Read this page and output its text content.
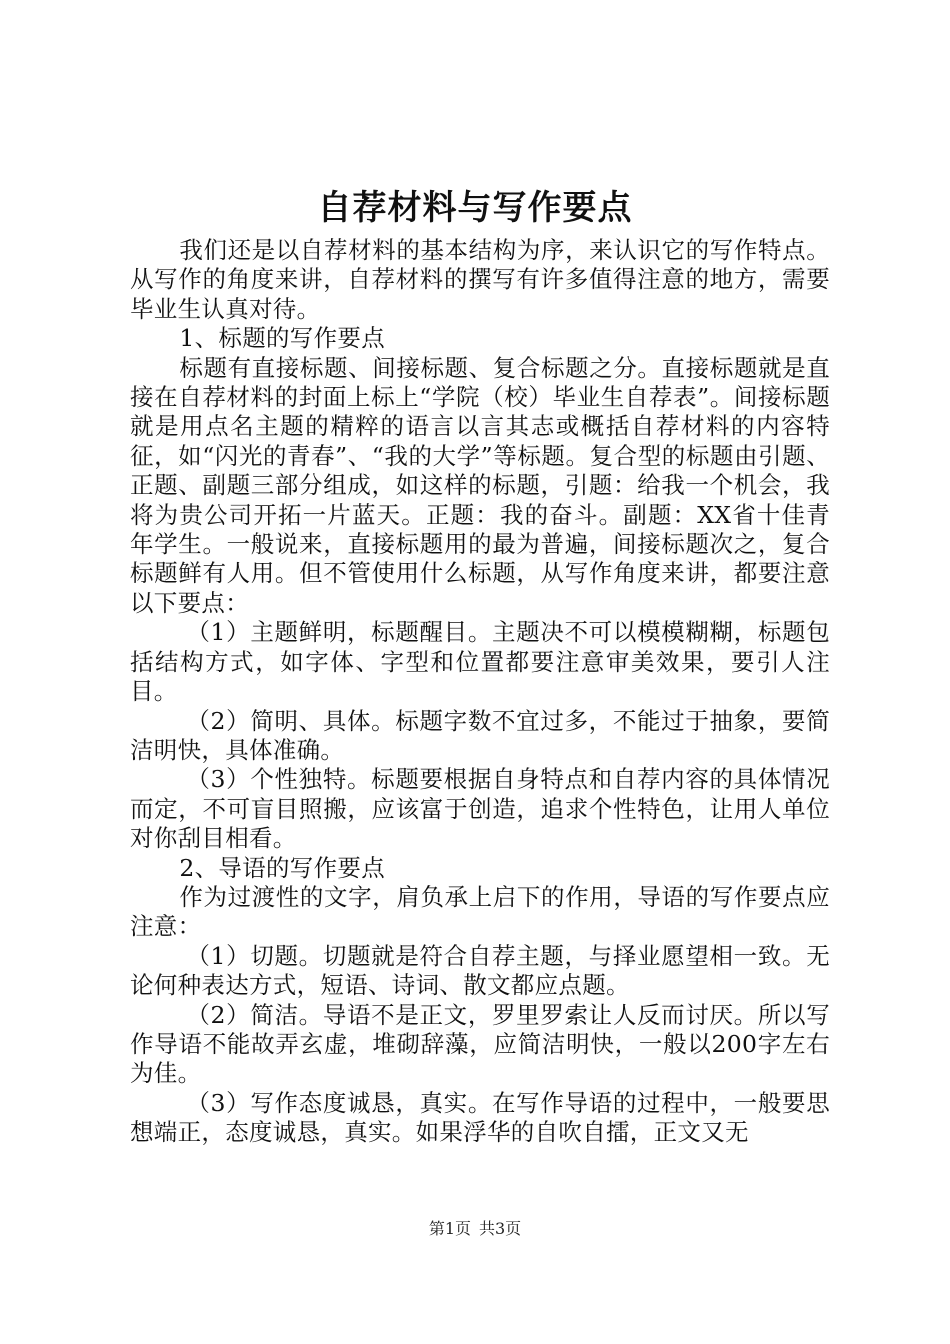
自荐材料与写作要点

我们还是以自荐材料的基本结构为序，来认识它的写作特点。从写作的角度来讲，自荐材料的撰写有许多值得注意的地方，需要毕业生认真对待。

1、标题的写作要点

标题有直接标题、间接标题、复合标题之分。直接标题就是直接在自荐材料的封面上标上“学院（校）毕业生自荐表”。间接标题就是用点名主题的精粹的语言以言其志或概括自荐材料的内容特征，如“闪光的青春”、“我的大学”等标题。复合型的标题由引题、正题、副题三部分组成，如这样的标题，引题：给我一个机会，我将为贵公司开拓一片蓝天。正题：我的奋斗。副题：XX省十佳青年学生。一般说来，直接标题用的最为普遍，间接标题次之，复合标题鲜有人用。但不管使用什么标题，从写作角度来讲，都要注意以下要点：

（1）主题鲜明，标题醒目。主题决不可以模模糊糊，标题包括结构方式，如字体、字型和位置都要注意审美效果，要引人注目。

（2）简明、具体。标题字数不宜过多，不能过于抽象，要简洁明快，具体准确。

（3）个性独特。标题要根据自身特点和自荐内容的具体情况而定，不可盲目照搬，应该富于创造，追求个性特色，让用人单位对你刮目相看。

2、导语的写作要点

作为过渡性的文字，肩负承上启下的作用，导语的写作要点应注意：

（1）切题。切题就是符合自荐主题，与择业愿望相一致。无论何种表达方式，短语、诗词、散文都应点题。

（2）简洁。导语不是正文，罗里罗索让人反而讨厌。所以写作导语不能故弄玄虚，堆砌辞藻，应简洁明快，一般以200字左右为佳。

（3）写作态度诚恳，真实。在写作导语的过程中，一般要思想端正，态度诚恳，真实。如果浮华的自吹自擂，正文又无

第1页 共3页
